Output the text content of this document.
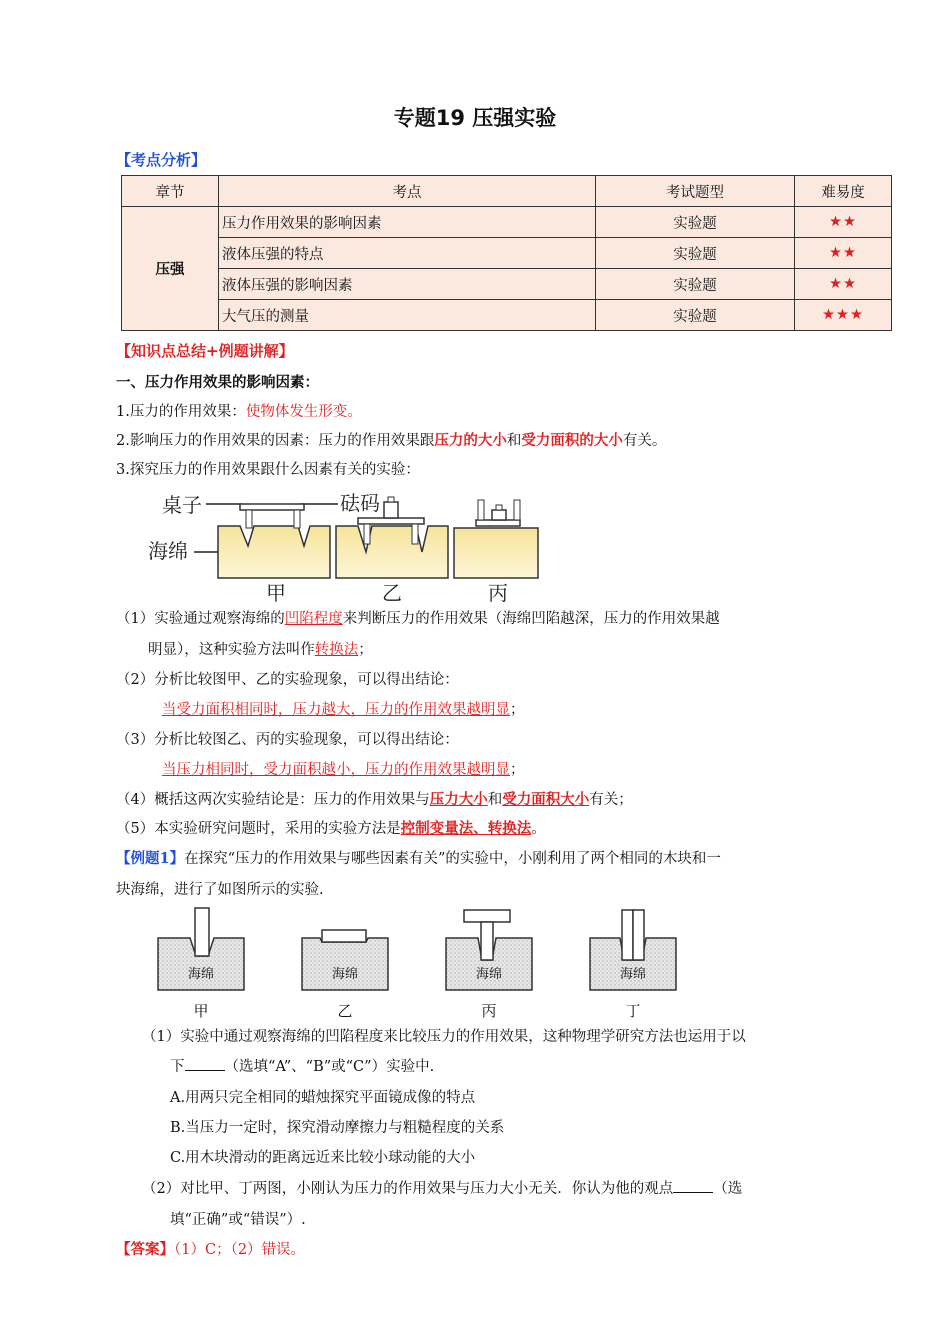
专题19 压强实验
【考点分析】
章节	考点	考试题型	难易度
压强	压力作用效果的影响因素	实验题	★★
	液体压强的特点	实验题	★★
	液体压强的影响因素	实验题	★★
	大气压的测量	实验题	★★★
【知识点总结+例题讲解】
一、压力作用效果的影响因素：
1.压力的作用效果：使物体发生形变。
2.影响压力的作用效果的因素：压力的作用效果跟压力的大小和受力面积的大小有关。
3.探究压力的作用效果跟什么因素有关的实验：
桌子	砝码
海绵
甲	乙	丙
（1）实验通过观察海绵的凹陷程度来判断压力的作用效果（海绵凹陷越深，压力的作用效果越
明显），这种实验方法叫作转换法；
（2）分析比较图甲、乙的实验现象，可以得出结论：
当受力面积相同时，压力越大，压力的作用效果越明显；
（3）分析比较图乙、丙的实验现象，可以得出结论：
当压力相同时，受力面积越小，压力的作用效果越明显；
（4）概括这两次实验结论是：压力的作用效果与压力大小和受力面积大小有关；
（5）本实验研究问题时，采用的实验方法是控制变量法、转换法。
【例题1】在探究“压力的作用效果与哪些因素有关”的实验中，小刚利用了两个相同的木块和一
块海绵，进行了如图所示的实验.
海绵	海绵	海绵	海绵
甲	乙	丙	丁
（1）实验中通过观察海绵的凹陷程度来比较压力的作用效果，这种物理学研究方法也运用于以
下	（选填“A”、“B”或“C”）实验中.
A.用两只完全相同的蜡烛探究平面镜成像的特点
B.当压力一定时，探究滑动摩擦力与粗糙程度的关系
C.用木块滑动的距离远近来比较小球动能的大小
（2）对比甲、丁两图，小刚认为压力的作用效果与压力大小无关．你认为他的观点	（选
填“正确”或“错误”）.
【答案】（1）C；（2）错误。
